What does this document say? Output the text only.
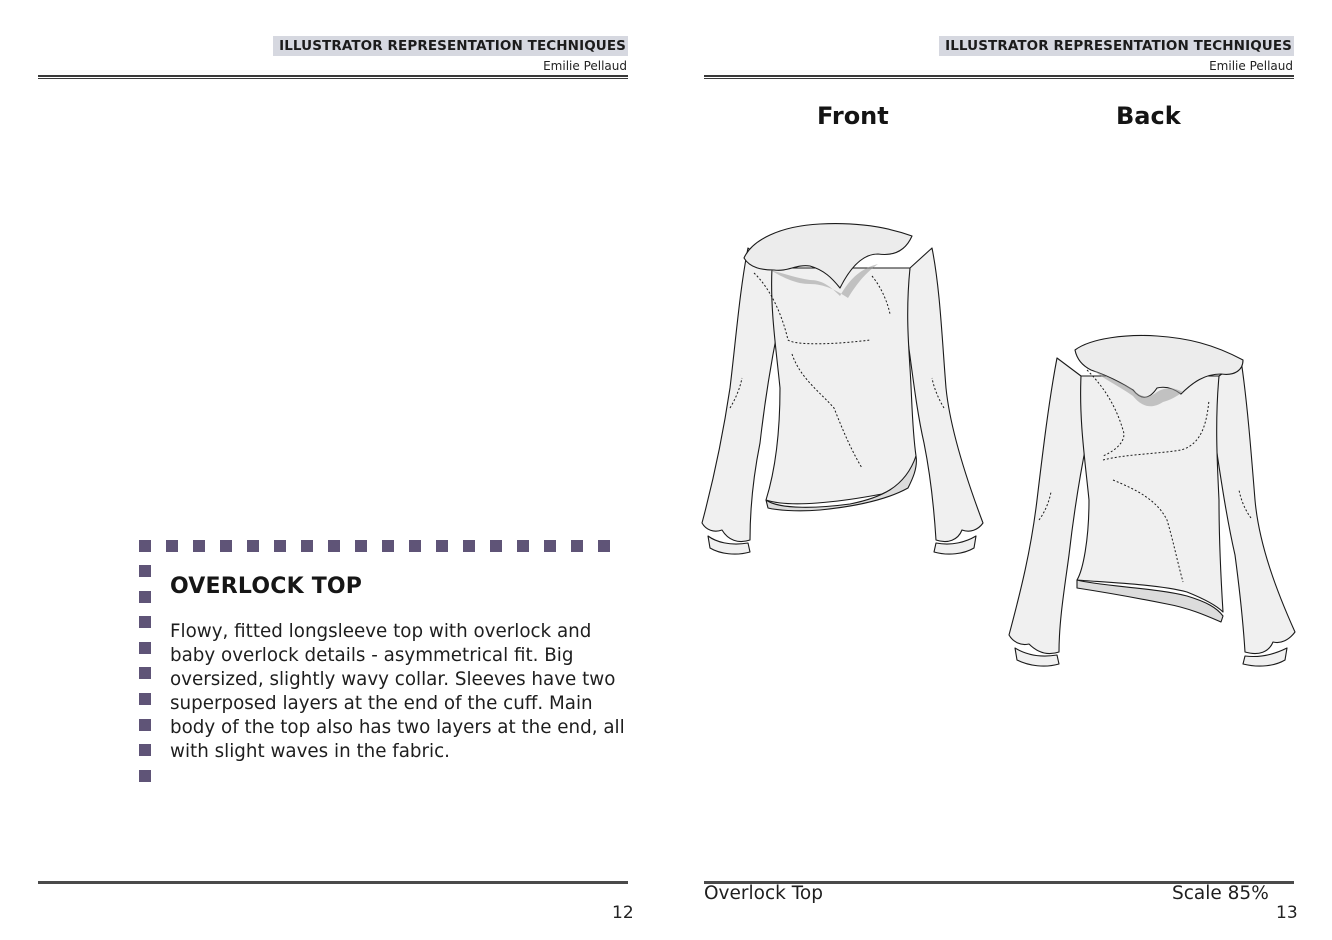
ILLUSTRATOR REPRESENTATION TECHNIQUES
Emilie Pellaud
OVERLOCK TOP
Flowy, fitted longsleeve top with overlock and baby overlock details - asymmetrical fit. Big oversized, slightly wavy collar. Sleeves have two superposed layers at the end of the cuff. Main body of the top also has two layers at the end, all with slight waves in the fabric.
12
ILLUSTRATOR REPRESENTATION TECHNIQUES
Emilie Pellaud
Front	Back
Overlock Top	Scale 85%
13
